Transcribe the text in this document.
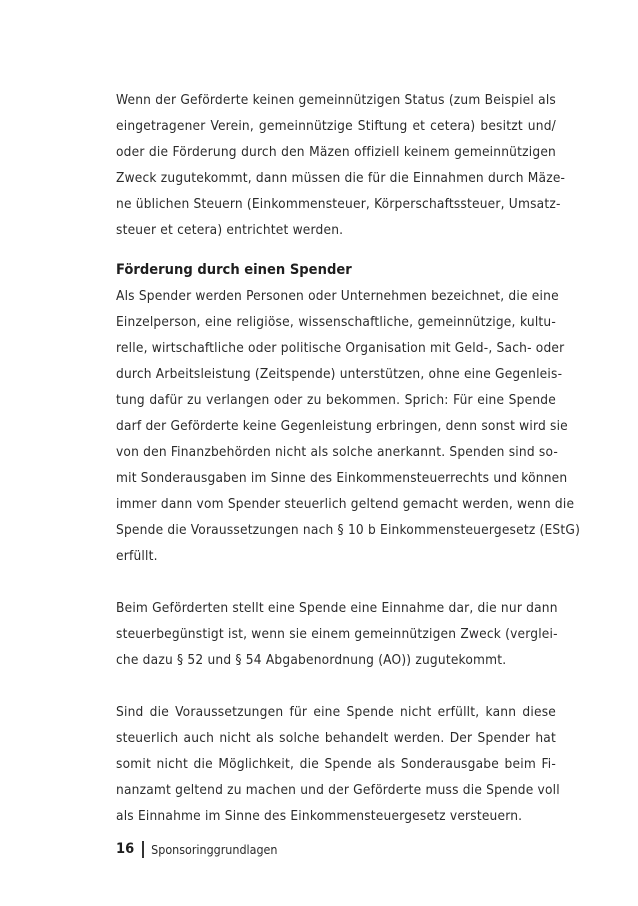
Wenn der Geförderte keinen gemeinnützigen Status (zum Beispiel als
eingetragener Verein, gemeinnützige Stiftung et cetera) besitzt und/
oder die Förderung durch den Mäzen offiziell keinem gemeinnützigen
Zweck zugutekommt, dann müssen die für die Einnahmen durch Mäze-
ne üblichen Steuern (Einkommensteuer, Körperschaftssteuer, Umsatz-
steuer et cetera) entrichtet werden.
Förderung durch einen Spender
Als Spender werden Personen oder Unternehmen bezeichnet, die eine
Einzelperson, eine religiöse, wissenschaftliche, gemeinnützige, kultu-
relle, wirtschaftliche oder politische Organisation mit Geld-, Sach- oder
durch Arbeitsleistung (Zeitspende) unterstützen, ohne eine Gegenleis-
tung dafür zu verlangen oder zu bekommen. Sprich: Für eine Spende
darf der Geförderte keine Gegenleistung erbringen, denn sonst wird sie
von den Finanzbehörden nicht als solche anerkannt. Spenden sind so-
mit Sonderausgaben im Sinne des Einkommensteuerrechts und können
immer dann vom Spender steuerlich geltend gemacht werden, wenn die
Spende die Voraussetzungen nach § 10 b Einkommensteuergesetz (EStG)
erfüllt.
Beim Geförderten stellt eine Spende eine Einnahme dar, die nur dann
steuerbegünstigt ist, wenn sie einem gemeinnützigen Zweck (verglei-
che dazu § 52 und § 54 Abgabenordnung (AO)) zugutekommt.
Sind die Voraussetzungen für eine Spende nicht erfüllt, kann diese
steuerlich auch nicht als solche behandelt werden. Der Spender hat
somit nicht die Möglichkeit, die Spende als Sonderausgabe beim Fi-
nanzamt geltend zu machen und der Geförderte muss die Spende voll
als Einnahme im Sinne des Einkommensteuergesetz versteuern.
16 Sponsoringgrundlagen
